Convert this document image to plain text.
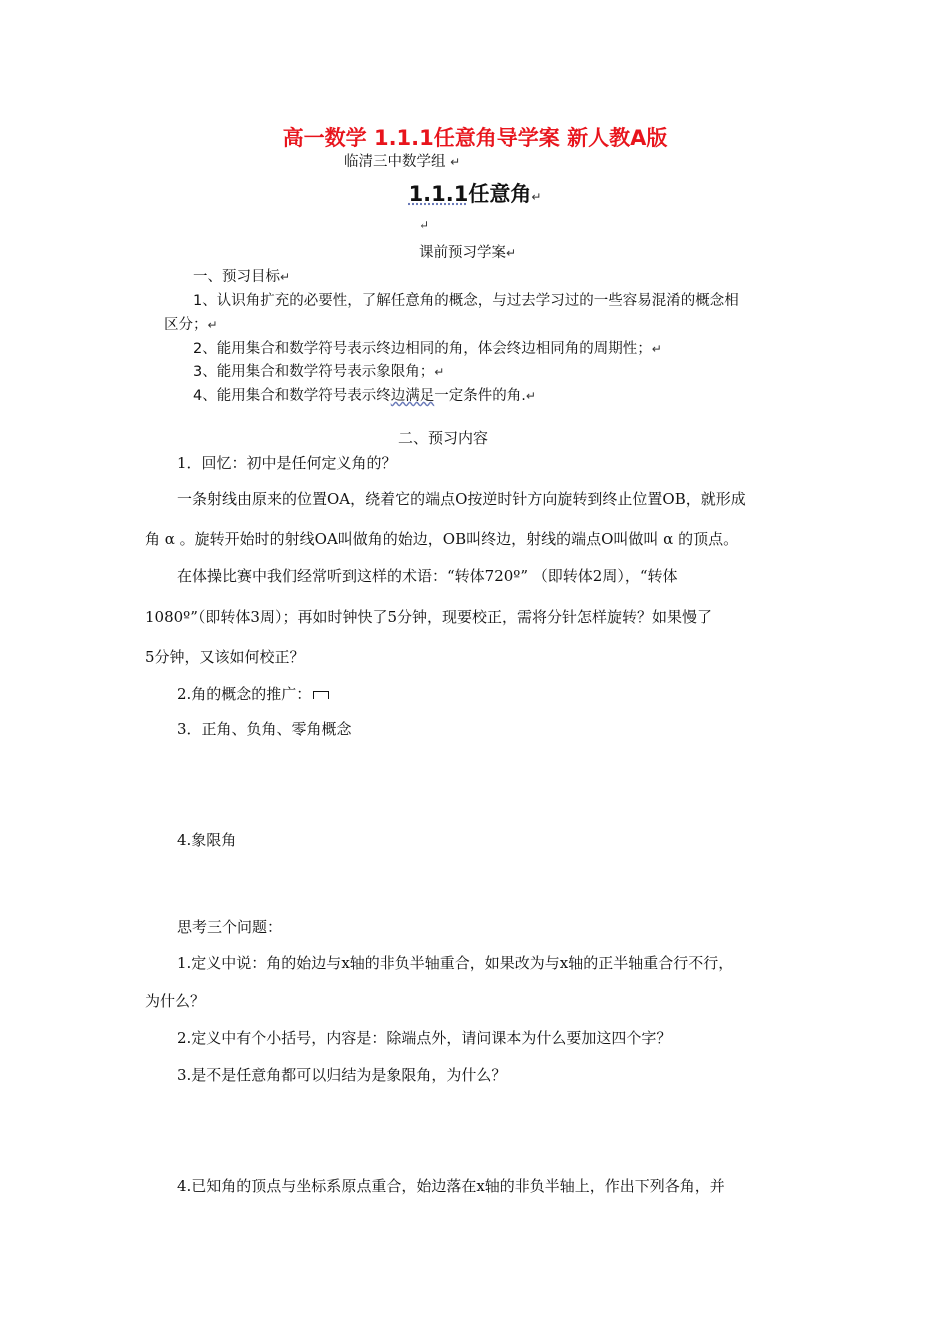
高一数学 1.1.1任意角导学案 新人教A版
临清三中数学组 ↵
1.1.1任意角↵
↵
课前预习学案↵
一、预习目标↵
1、认识角扩充的必要性，了解任意角的概念，与过去学习过的一些容易混淆的概念相
区分；↵
2、能用集合和数学符号表示终边相同的角，体会终边相同角的周期性；↵
3、能用集合和数学符号表示象限角；↵
4、能用集合和数学符号表示终边满足一定条件的角.↵
二、预习内容
1．回忆：初中是任何定义角的？
一条射线由原来的位置OA，绕着它的端点O按逆时针方向旋转到终止位置OB，就形成
角 α 。旋转开始时的射线OA叫做角的始边，OB叫终边，射线的端点O叫做叫 α 的顶点。
在体操比赛中我们经常听到这样的术语：“转体720º” （即转体2周），“转体
1080º”（即转体3周）；再如时钟快了5分钟，现要校正，需将分针怎样旋转？如果慢了
5分钟，又该如何校正？
2.角的概念的推广：
3．正角、负角、零角概念
4.象限角
思考三个问题：
1.定义中说：角的始边与x轴的非负半轴重合，如果改为与x轴的正半轴重合行不行，
为什么？
2.定义中有个小括号，内容是：除端点外，请问课本为什么要加这四个字？
3.是不是任意角都可以归结为是象限角，为什么？
4.已知角的顶点与坐标系原点重合，始边落在x轴的非负半轴上，作出下列各角，并
